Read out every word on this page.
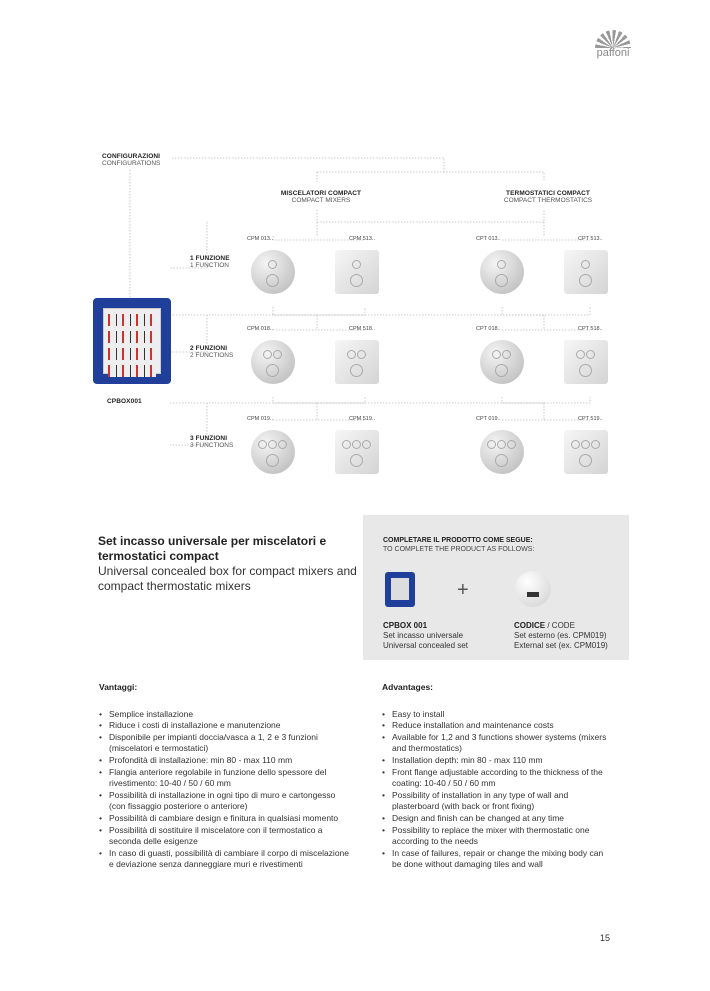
paffoni
CONFIGURAZIONI
CONFIGURATIONS
MISCELATORI COMPACT
COMPACT MIXERS
TERMOSTATICI COMPACT
COMPACT THERMOSTATICS
1 FUNZIONE
1 FUNCTION
CPM 013..	CPM 513..	CPT 013..	CPT 513..
2 FUNZIONI
2 FUNCTIONS
CPM 018..	CPM 518..	CPT 018..	CPT 518..
3 FUNZIONI
3 FUNCTIONS
CPM 019..	CPM 519..	CPT 019..	CPT 519..
CPBOX001
Set incasso universale per miscelatori e termostatici compact
Universal concealed box for compact mixers and compact thermostatic mixers
COMPLETARE IL PRODOTTO COME SEGUE:
TO COMPLETE THE PRODUCT AS FOLLOWS:
+
CPBOX 001
Set incasso universale
Universal concealed set
CODICE / CODE
Set esterno (es. CPM019)
External set (ex. CPM019)
Vantaggi:
• Semplice installazione
• Riduce i costi di installazione e manutenzione
• Disponibile per impianti doccia/vasca a 1, 2 e 3 funzioni (miscelatori e termostatici)
• Profondità di installazione: min 80 - max 110 mm
• Flangia anteriore regolabile in funzione dello spessore del rivestimento: 10-40 / 50 / 60 mm
• Possibilità di installazione in ogni tipo di muro e cartongesso (con fissaggio posteriore o anteriore)
• Possibilità di cambiare design e finitura in qualsiasi momento
• Possibilità di sostituire il miscelatore con il termostatico a seconda delle esigenze
• In caso di guasti, possibilità di cambiare il corpo di miscelazione e deviazione senza danneggiare muri e rivestimenti
Advantages:
• Easy to install
• Reduce installation and maintenance costs
• Available for 1,2 and 3 functions shower systems (mixers and thermostatics)
• Installation depth: min 80 - max 110 mm
• Front flange adjustable according to the thickness of the coating: 10-40 / 50 / 60 mm
• Possibility of installation in any type of wall and plasterboard (with back or front fixing)
• Design and finish can be changed at any time
• Possibility to replace the mixer with thermostatic one according to the needs
• In case of failures, repair or change the mixing body can be done without damaging tiles and wall
15
